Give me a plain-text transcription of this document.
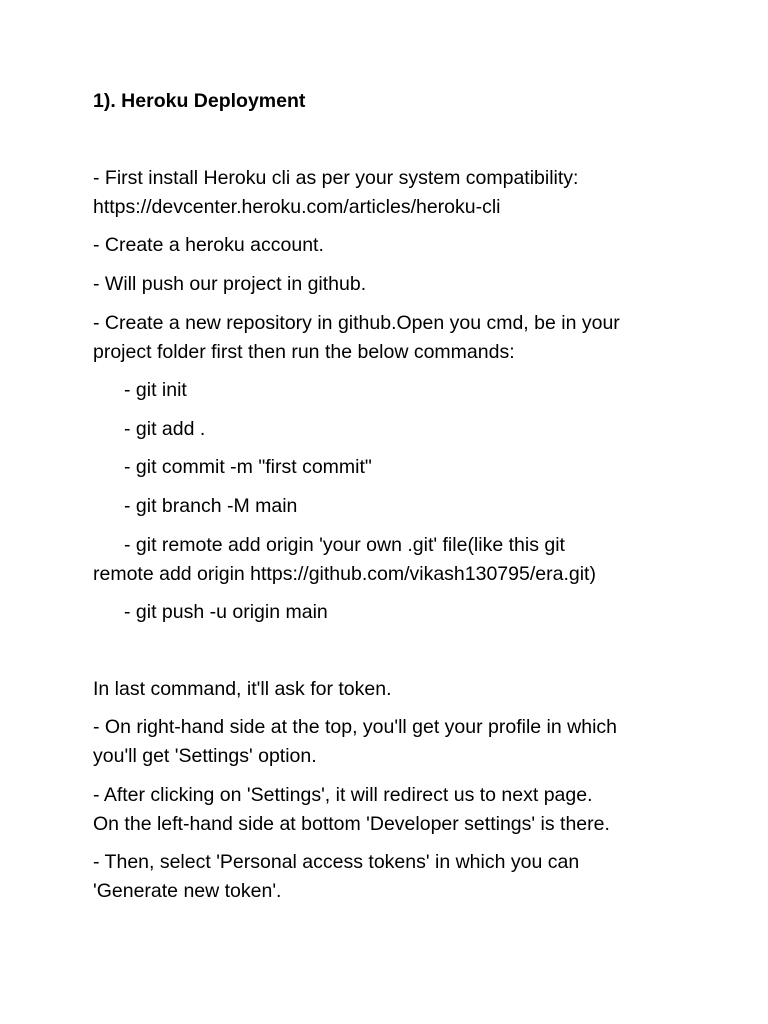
1). Heroku Deployment
- First install Heroku cli as per your system compatibility:
https://devcenter.heroku.com/articles/heroku-cli
- Create a heroku account.
- Will push our project in github.
- Create a new repository in github.Open you cmd, be in your
project folder first then run the below commands:
- git init
- git add .
- git commit -m "first commit"
- git branch -M main
- git remote add origin 'your own .git' file(like this git
remote add origin https://github.com/vikash130795/era.git)
- git push -u origin main
In last command, it'll ask for token.
- On right-hand side at the top, you'll get your profile in which
you'll get 'Settings' option.
- After clicking on 'Settings', it will redirect us to next page.
On the left-hand side at bottom 'Developer settings' is there.
- Then, select 'Personal access tokens' in which you can
'Generate new token'.
